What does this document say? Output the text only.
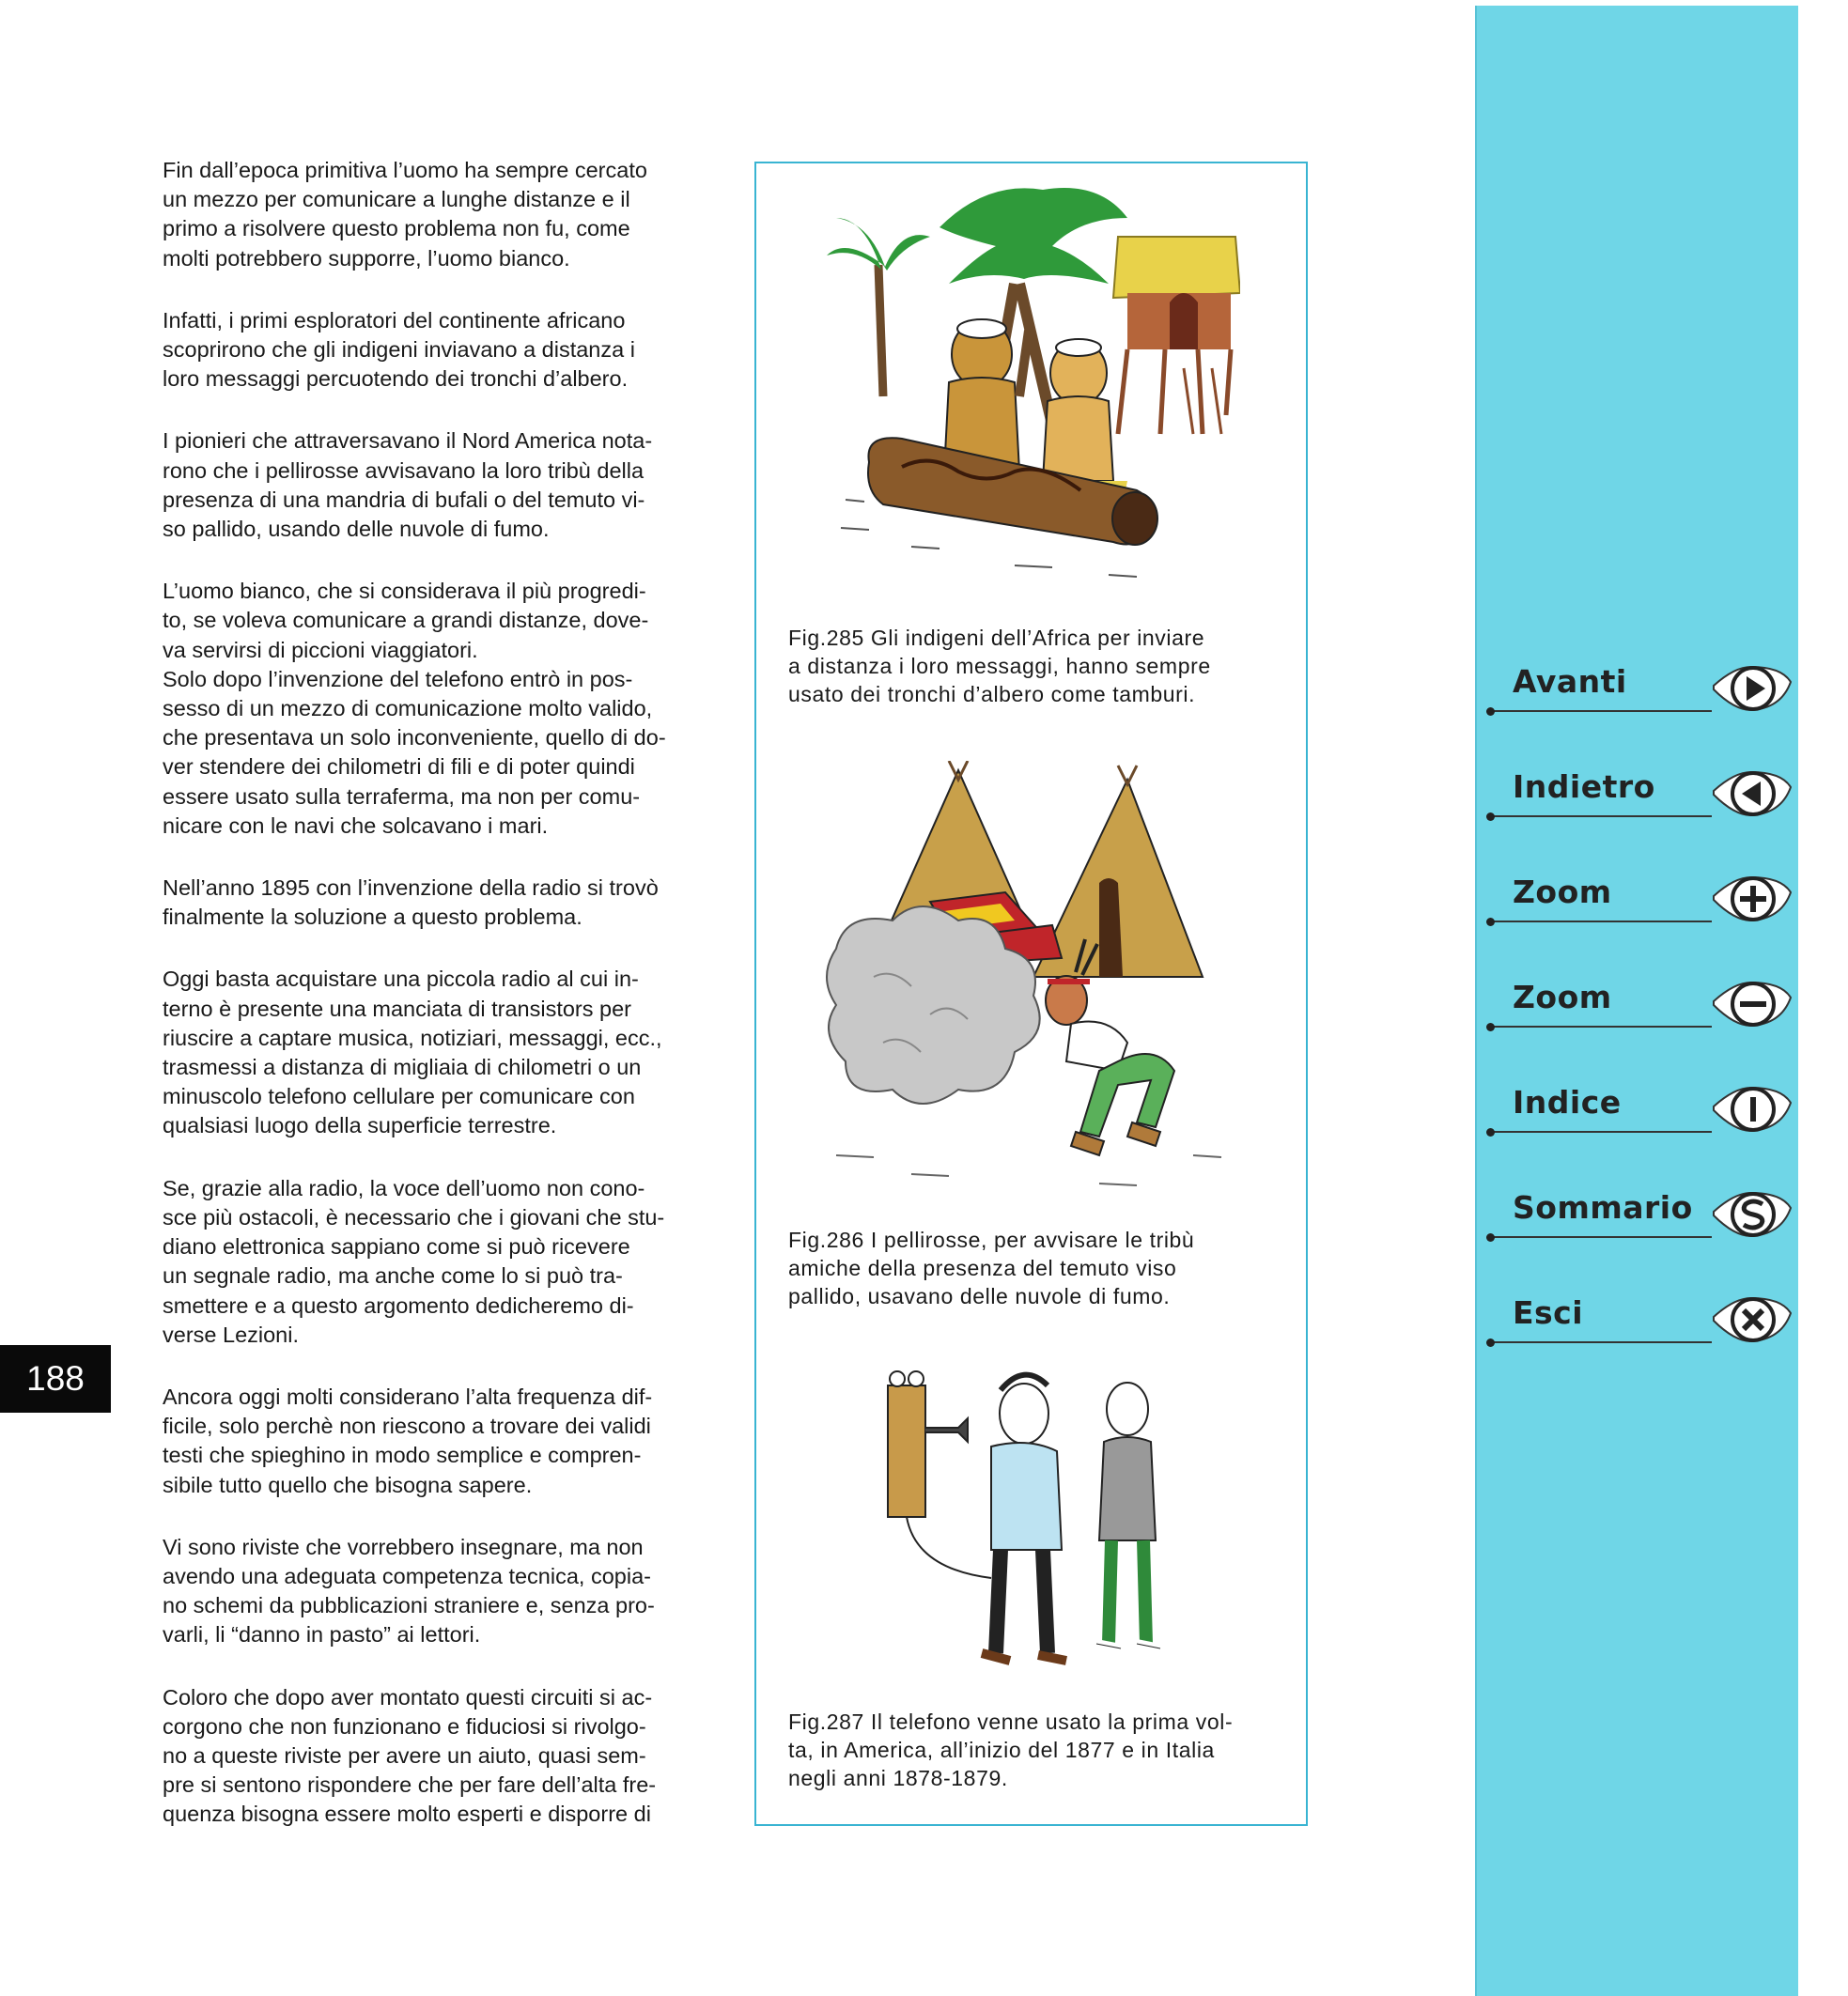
Fin dall’epoca primitiva l’uomo ha sempre cercato
un mezzo per comunicare a lunghe distanze e il
primo a risolvere questo problema non fu, come
molti potrebbero supporre, l’uomo bianco.

Infatti, i primi esploratori del continente africano
scoprirono che gli indigeni inviavano a distanza i
loro messaggi percuotendo dei tronchi d’albero.

I pionieri che attraversavano il Nord America nota-
rono che i pellirosse avvisavano la loro tribù della
presenza di una mandria di bufali o del temuto vi-
so pallido, usando delle nuvole di fumo.

L’uomo bianco, che si considerava il più progredi-
to, se voleva comunicare a grandi distanze, dove-
va servirsi di piccioni viaggiatori.
Solo dopo l’invenzione del telefono entrò in pos-
sesso di un mezzo di comunicazione molto valido,
che presentava un solo inconveniente, quello di do-
ver stendere dei chilometri di fili e di poter quindi
essere usato sulla terraferma, ma non per comu-
nicare con le navi che solcavano i mari.

Nell’anno 1895 con l’invenzione della radio si trovò
finalmente la soluzione a questo problema.

Oggi basta acquistare una piccola radio al cui in-
terno è presente una manciata di transistors per
riuscire a captare musica, notiziari, messaggi, ecc.,
trasmessi a distanza di migliaia di chilometri o un
minuscolo telefono cellulare per comunicare con
qualsiasi luogo della superficie terrestre.

Se, grazie alla radio, la voce dell’uomo non cono-
sce più ostacoli, è necessario che i giovani che stu-
diano elettronica sappiano come si può ricevere
un segnale radio, ma anche come lo si può tra-
smettere e a questo argomento dedicheremo di-
verse Lezioni.

Ancora oggi molti considerano l’alta frequenza dif-
ficile, solo perchè non riescono a trovare dei validi
testi che spieghino in modo semplice e compren-
sibile tutto quello che bisogna sapere.

Vi sono riviste che vorrebbero insegnare, ma non
avendo una adeguata competenza tecnica, copia-
no schemi da pubblicazioni straniere e, senza pro-
varli, li “danno in pasto” ai lettori.

Coloro che dopo aver montato questi circuiti si ac-
corgono che non funzionano e fiduciosi si rivolgo-
no a queste riviste per avere un aiuto, quasi sem-
pre si sentono rispondere che per fare dell’alta fre-
quenza bisogna essere molto esperti e disporre di

188
Fig.285 Gli indigeni dell’Africa per inviare
a distanza i loro messaggi, hanno sempre
usato dei tronchi d’albero come tamburi.
Fig.286 I pellirosse, per avvisare le tribù
amiche della presenza del temuto viso
pallido, usavano delle nuvole di fumo.
Fig.287 Il telefono venne usato la prima vol-
ta, in America, all’inizio del 1877 e in Italia
negli anni 1878-1879.
Avanti
Indietro
Zoom
Zoom
Indice
Sommario
Esci
